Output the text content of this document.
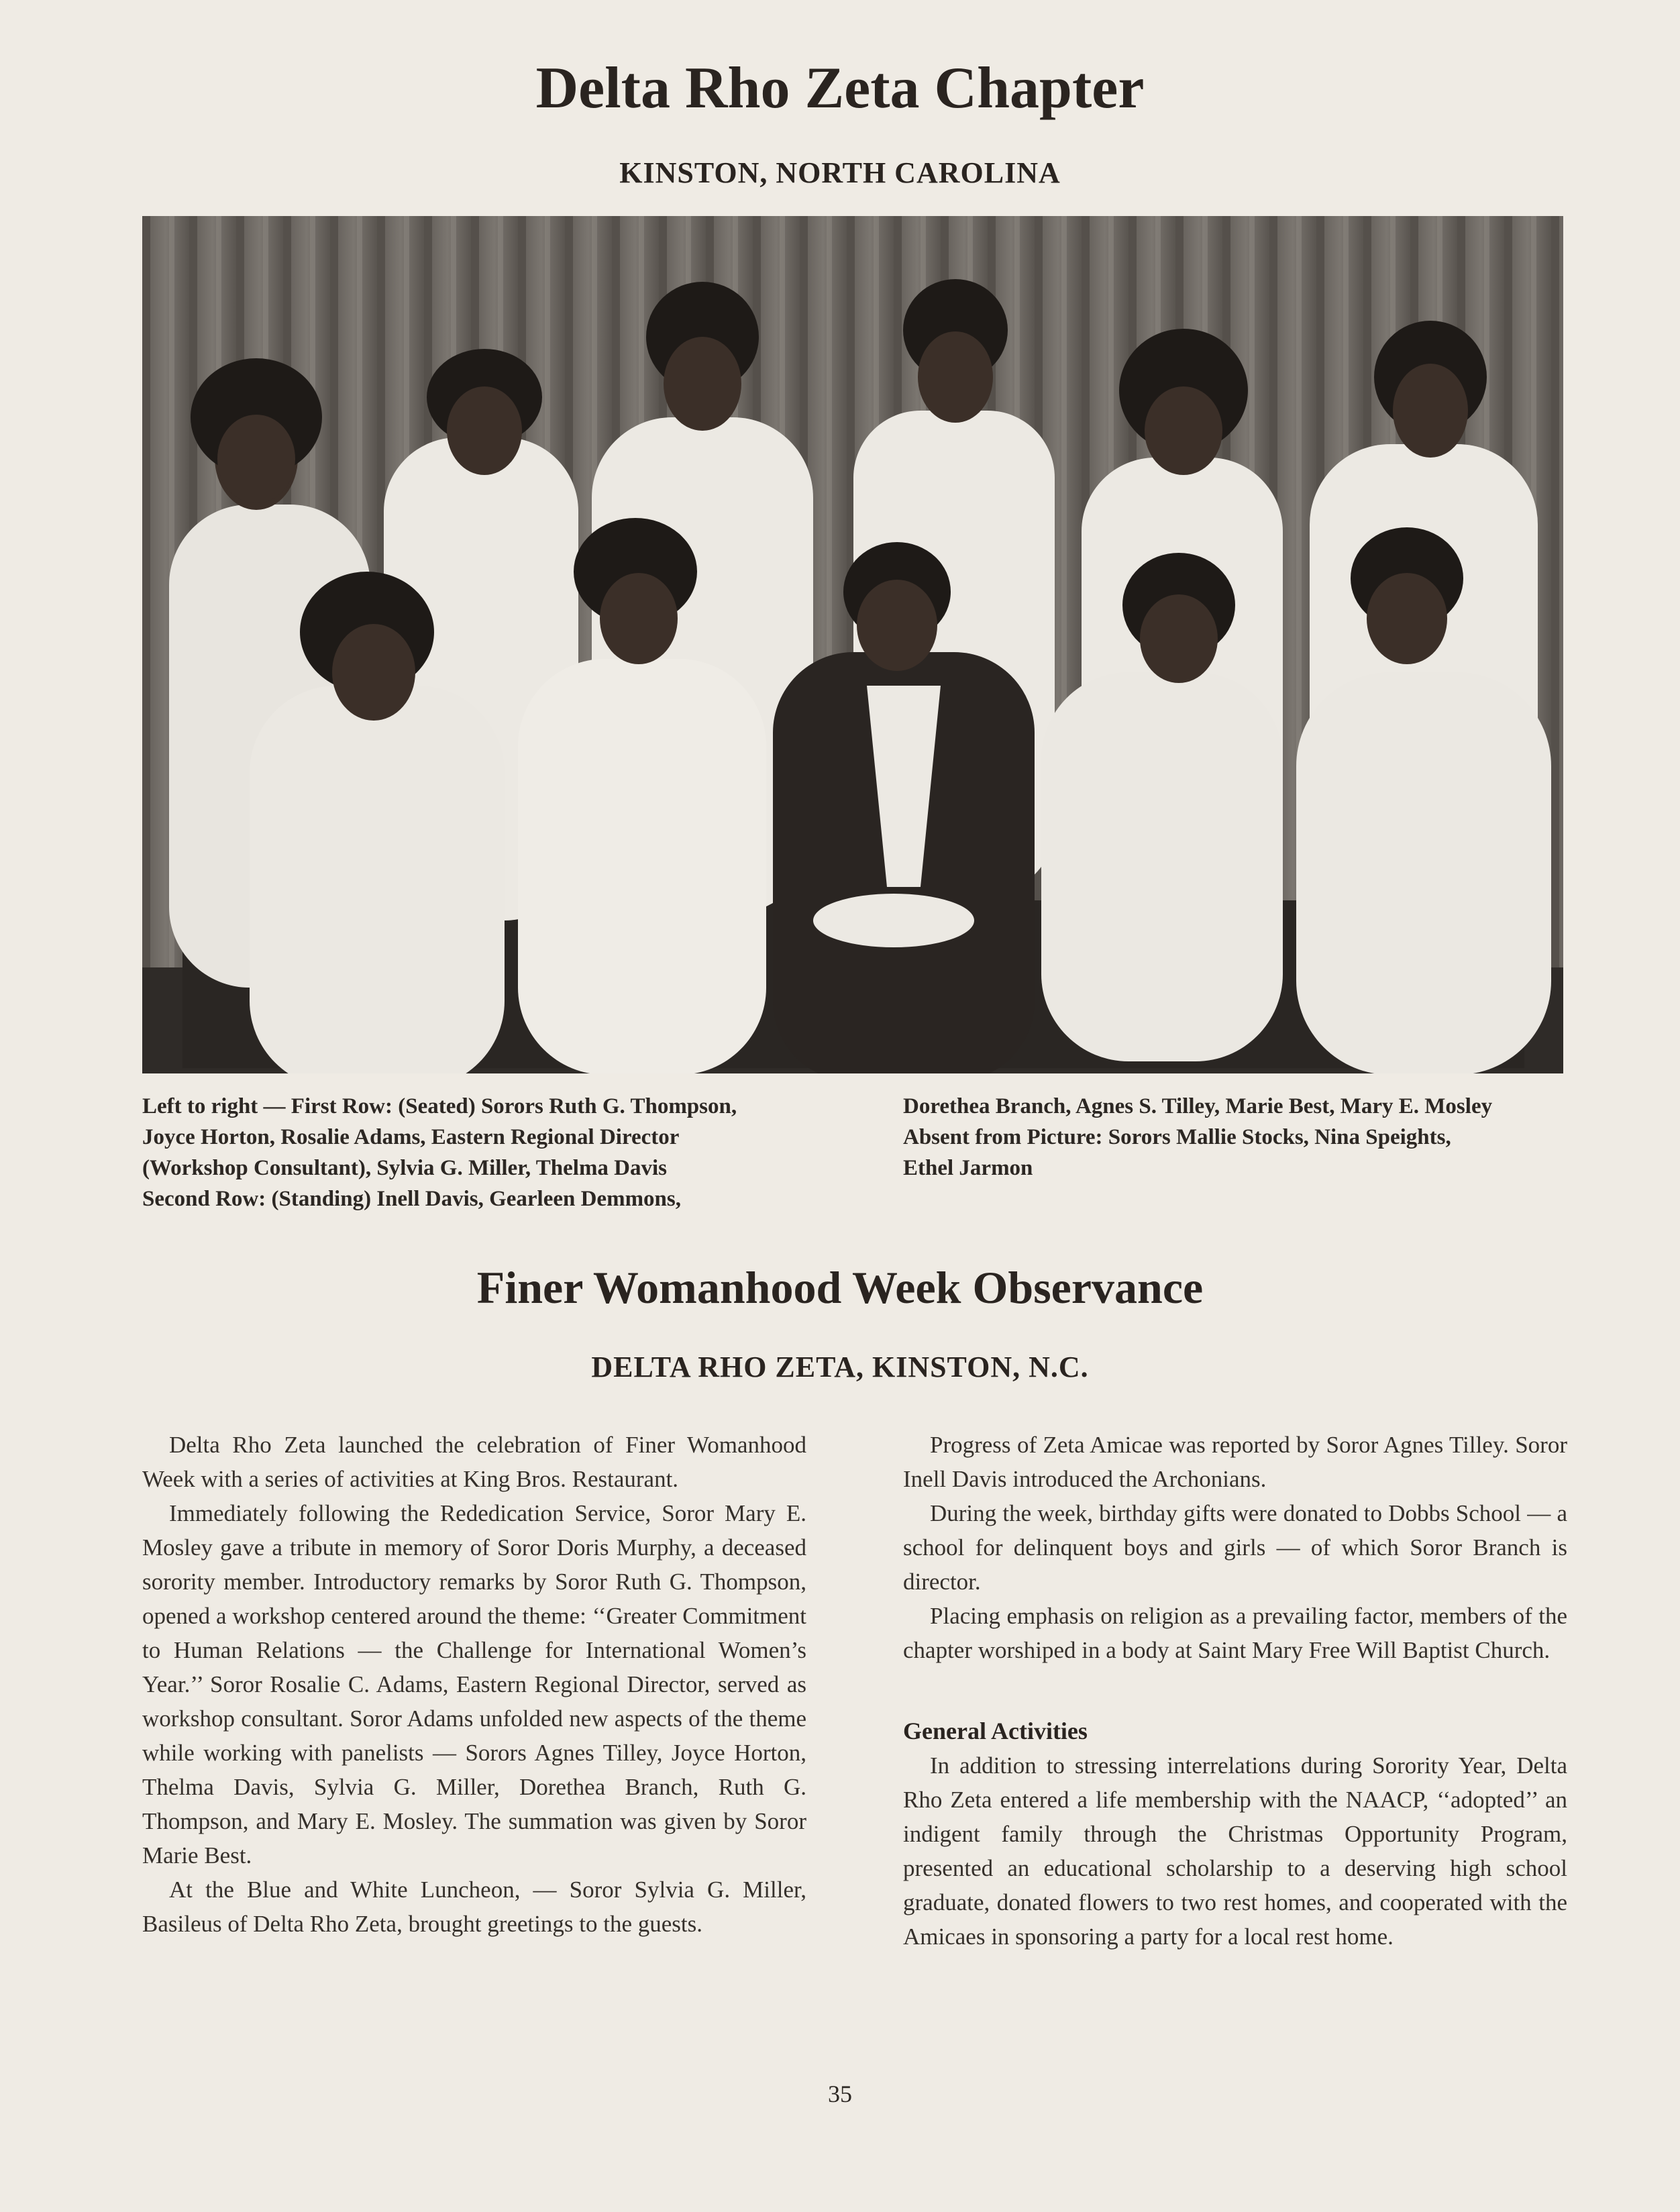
Delta Rho Zeta Chapter
KINSTON, NORTH CAROLINA

Left to right — First Row: (Seated) Sorors Ruth G. Thompson,

Joyce Horton, Rosalie Adams, Eastern Regional Director

(Workshop Consultant), Sylvia G. Miller, Thelma Davis

Second Row: (Standing) Inell Davis, Gearleen Demmons,

Dorethea Branch, Agnes S. Tilley, Marie Best, Mary E. Mosley

Absent from Picture: Sorors Mallie Stocks, Nina Speights,

Ethel Jarmon

Finer Womanhood Week Observance
DELTA RHO ZETA, KINSTON, N.C.

Delta Rho Zeta launched the celebration of Finer Womanhood Week with a series of activities at King Bros. Restaurant.

Immediately following the Rededication Service, Soror Mary E. Mosley gave a tribute in memory of Soror Doris Murphy, a deceased sorority member. Introductory remarks by Soror Ruth G. Thompson, opened a workshop centered around the theme: ‘‘Greater Commitment to Human Relations — the Challenge for International Women’s Year.’’ Soror Rosalie C. Adams, Eastern Regional Director, served as workshop consultant. Soror Adams unfolded new aspects of the theme while working with panelists — Sorors Agnes Tilley, Joyce Horton, Thelma Davis, Sylvia G. Miller, Dorethea Branch, Ruth G. Thompson, and Mary E. Mosley. The summation was given by Soror Marie Best.

At the Blue and White Luncheon, — Soror Sylvia G. Miller, Basileus of Delta Rho Zeta, brought greetings to the guests.

Progress of Zeta Amicae was reported by Soror Agnes Tilley. Soror Inell Davis introduced the Archonians.

During the week, birthday gifts were donated to Dobbs School — a school for delinquent boys and girls — of which Soror Branch is director.

Placing emphasis on religion as a prevailing factor, members of the chapter worshiped in a body at Saint Mary Free Will Baptist Church.

General Activities

In addition to stressing interrelations during Sorority Year, Delta Rho Zeta entered a life membership with the NAACP, ‘‘adopted’’ an indigent family through the Christmas Opportunity Program, presented an educational scholarship to a deserving high school graduate, donated flowers to two rest homes, and cooperated with the Amicaes in sponsoring a party for a local rest home.

35
